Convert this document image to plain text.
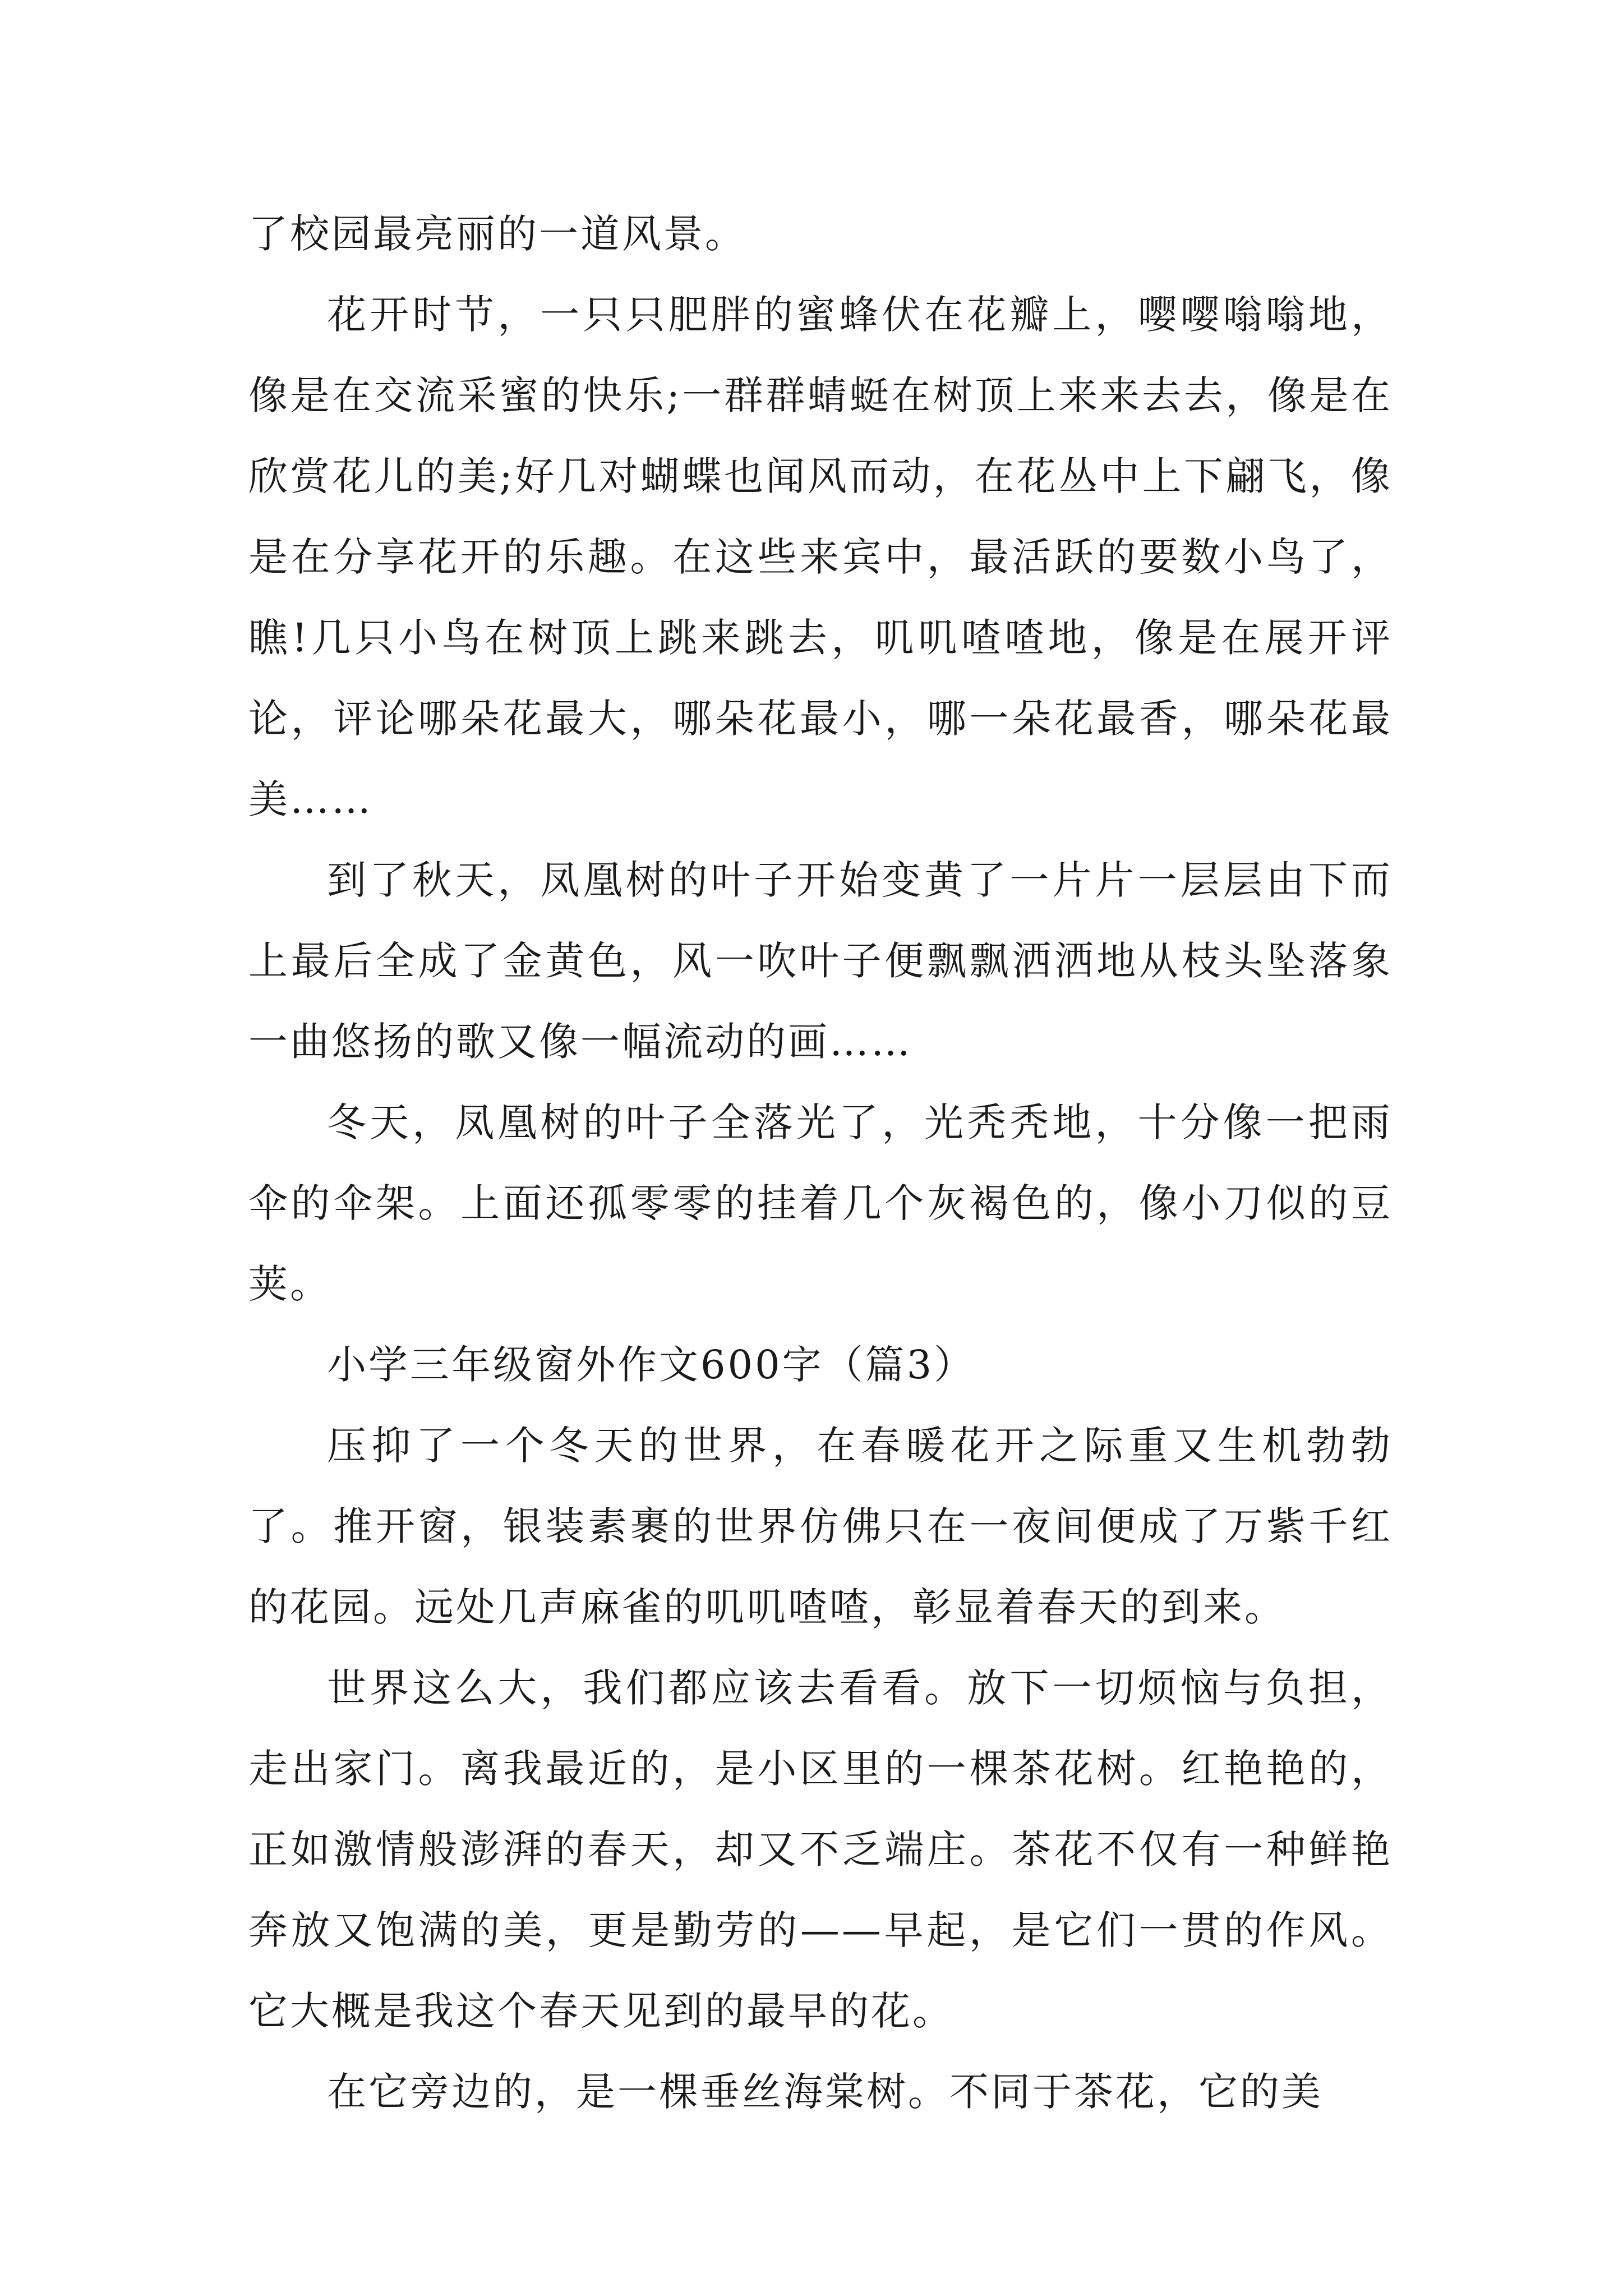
了校园最亮丽的一道风景。

花开时节，一只只肥胖的蜜蜂伏在花瓣上，嘤嘤嗡嗡地，像是在交流采蜜的快乐;一群群蜻蜓在树顶上来来去去，像是在欣赏花儿的美;好几对蝴蝶也闻风而动，在花丛中上下翩飞，像是在分享花开的乐趣。在这些来宾中，最活跃的要数小鸟了，瞧!几只小鸟在树顶上跳来跳去，叽叽喳喳地，像是在展开评论，评论哪朵花最大，哪朵花最小，哪一朵花最香，哪朵花最美……

到了秋天，凤凰树的叶子开始变黄了一片片一层层由下而上最后全成了金黄色，风一吹叶子便飘飘洒洒地从枝头坠落象一曲悠扬的歌又像一幅流动的画……

冬天，凤凰树的叶子全落光了，光秃秃地，十分像一把雨伞的伞架。上面还孤零零的挂着几个灰褐色的，像小刀似的豆荚。

小学三年级窗外作文600字（篇3）

压抑了一个冬天的世界，在春暖花开之际重又生机勃勃了。推开窗，银装素裹的世界仿佛只在一夜间便成了万紫千红的花园。远处几声麻雀的叽叽喳喳，彰显着春天的到来。

世界这么大，我们都应该去看看。放下一切烦恼与负担，走出家门。离我最近的，是小区里的一棵茶花树。红艳艳的，正如激情般澎湃的春天，却又不乏端庄。茶花不仅有一种鲜艳奔放又饱满的美，更是勤劳的——早起，是它们一贯的作风。它大概是我这个春天见到的最早的花。

在它旁边的，是一棵垂丝海棠树。不同于茶花，它的美
